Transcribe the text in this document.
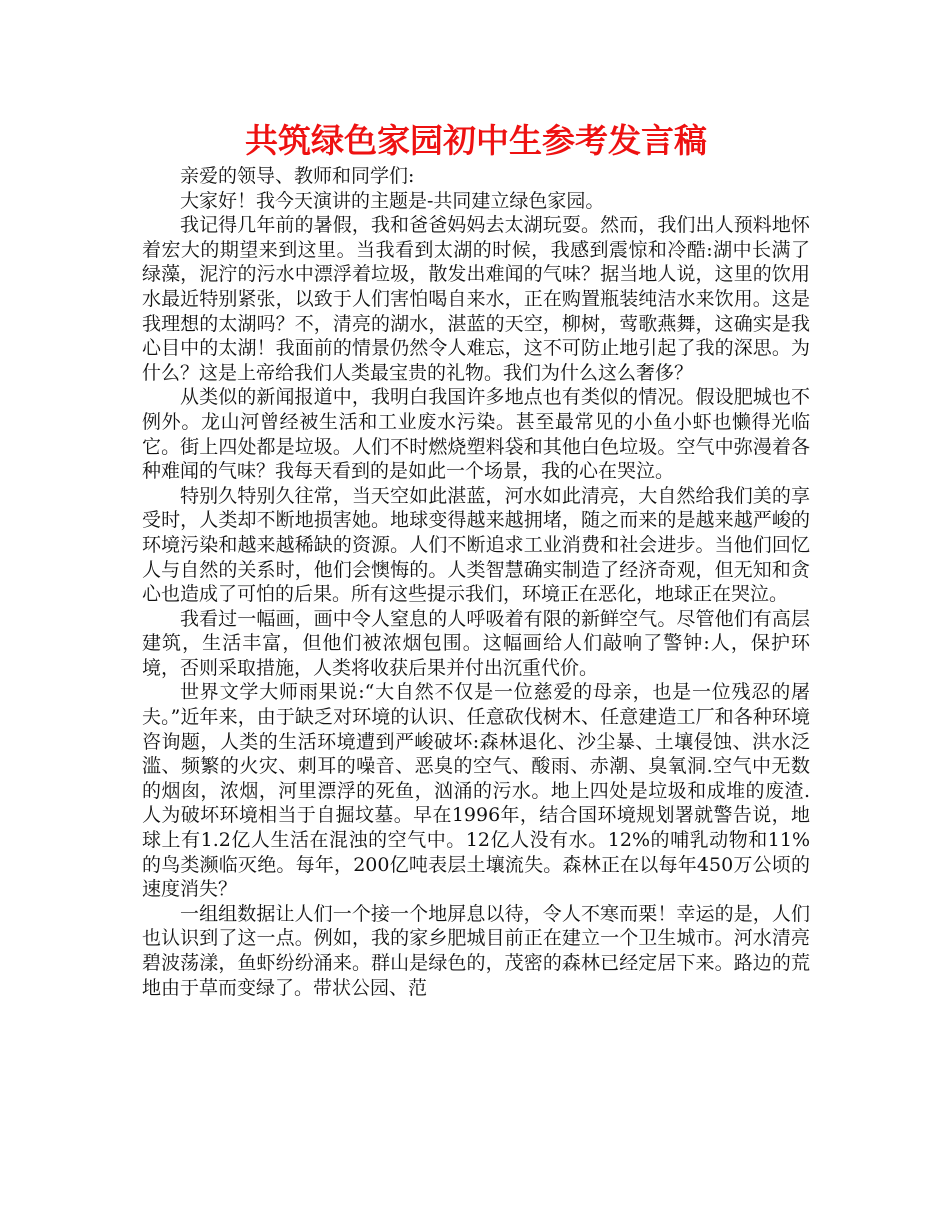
共筑绿色家园初中生参考发言稿

亲爱的领导、教师和同学们:

大家好！我今天演讲的主题是-共同建立绿色家园。

我记得几年前的暑假，我和爸爸妈妈去太湖玩耍。然而，我们出人预料地怀着宏大的期望来到这里。当我看到太湖的时候，我感到震惊和冷酷:湖中长满了绿藻，泥泞的污水中漂浮着垃圾，散发出难闻的气味？据当地人说，这里的饮用水最近特别紧张，以致于人们害怕喝自来水，正在购置瓶装纯洁水来饮用。这是我理想的太湖吗？不，清亮的湖水，湛蓝的天空，柳树，莺歌燕舞，这确实是我心目中的太湖！我面前的情景仍然令人难忘，这不可防止地引起了我的深思。为什么？这是上帝给我们人类最宝贵的礼物。我们为什么这么奢侈？

从类似的新闻报道中，我明白我国许多地点也有类似的情况。假设肥城也不例外。龙山河曾经被生活和工业废水污染。甚至最常见的小鱼小虾也懒得光临它。街上四处都是垃圾。人们不时燃烧塑料袋和其他白色垃圾。空气中弥漫着各种难闻的气味？我每天看到的是如此一个场景，我的心在哭泣。

特别久特别久往常，当天空如此湛蓝，河水如此清亮，大自然给我们美的享受时，人类却不断地损害她。地球变得越来越拥堵，随之而来的是越来越严峻的环境污染和越来越稀缺的资源。人们不断追求工业消费和社会进步。当他们回忆人与自然的关系时，他们会懊悔的。人类智慧确实制造了经济奇观，但无知和贪心也造成了可怕的后果。所有这些提示我们，环境正在恶化，地球正在哭泣。

我看过一幅画，画中令人窒息的人呼吸着有限的新鲜空气。尽管他们有高层建筑，生活丰富，但他们被浓烟包围。这幅画给人们敲响了警钟:人，保护环境，否则采取措施，人类将收获后果并付出沉重代价。

世界文学大师雨果说:“大自然不仅是一位慈爱的母亲，也是一位残忍的屠夫。”近年来，由于缺乏对环境的认识、任意砍伐树木、任意建造工厂和各种环境咨询题，人类的生活环境遭到严峻破坏:森林退化、沙尘暴、土壤侵蚀、洪水泛滥、频繁的火灾、刺耳的噪音、恶臭的空气、酸雨、赤潮、臭氧洞.空气中无数的烟囱，浓烟，河里漂浮的死鱼，汹涌的污水。地上四处是垃圾和成堆的废渣.人为破坏环境相当于自掘坟墓。早在1996年，结合国环境规划署就警告说，地球上有1.2亿人生活在混浊的空气中。12亿人没有水。12%的哺乳动物和11%的鸟类濒临灭绝。每年，200亿吨表层土壤流失。森林正在以每年450万公顷的速度消失？

一组组数据让人们一个接一个地屏息以待，令人不寒而栗！幸运的是，人们也认识到了这一点。例如，我的家乡肥城目前正在建立一个卫生城市。河水清亮碧波荡漾，鱼虾纷纷涌来。群山是绿色的，茂密的森林已经定居下来。路边的荒地由于草而变绿了。带状公园、范
